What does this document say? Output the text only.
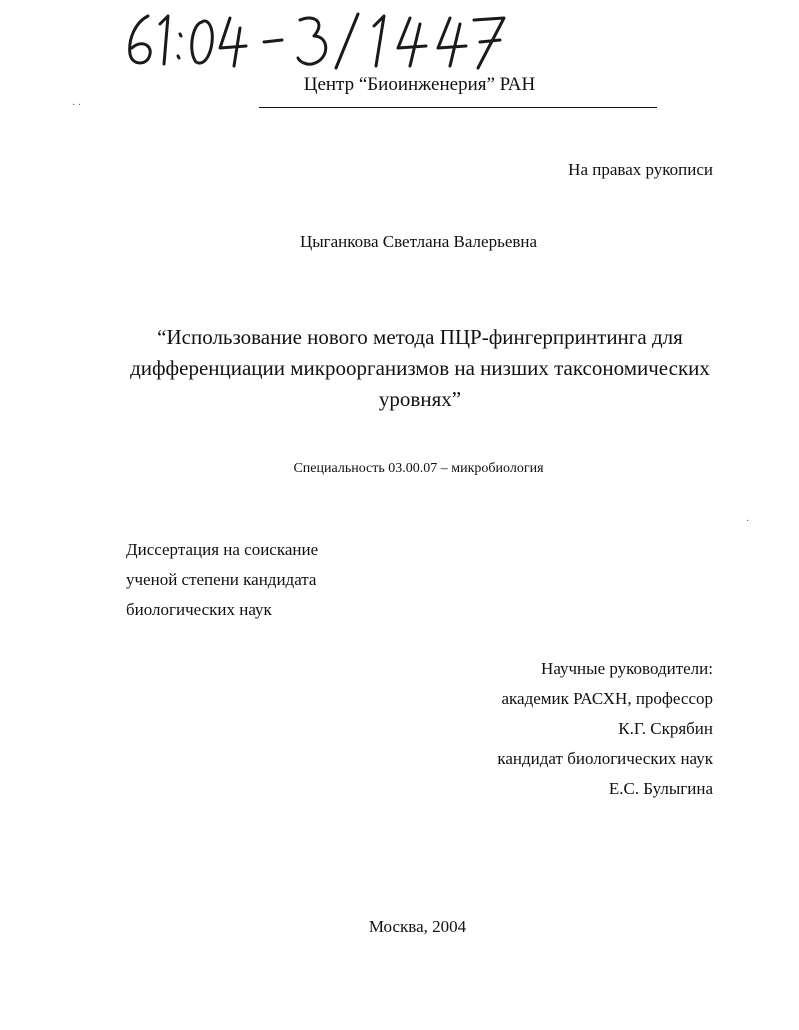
Центр “Биоинженерия” РАН
· ·
·
На правах рукописи
Цыганкова Светлана Валерьевна
“Использование нового метода ПЦР-фингерпринтинга для
дифференциации микроорганизмов на низших таксономических
уровнях”
Специальность 03.00.07 – микробиология
Диссертация на соискание
ученой степени кандидата
биологических наук
Научные руководители:
академик РАСХН, профессор
К.Г. Скрябин
кандидат биологических наук
Е.С. Булыгина
Москва, 2004
